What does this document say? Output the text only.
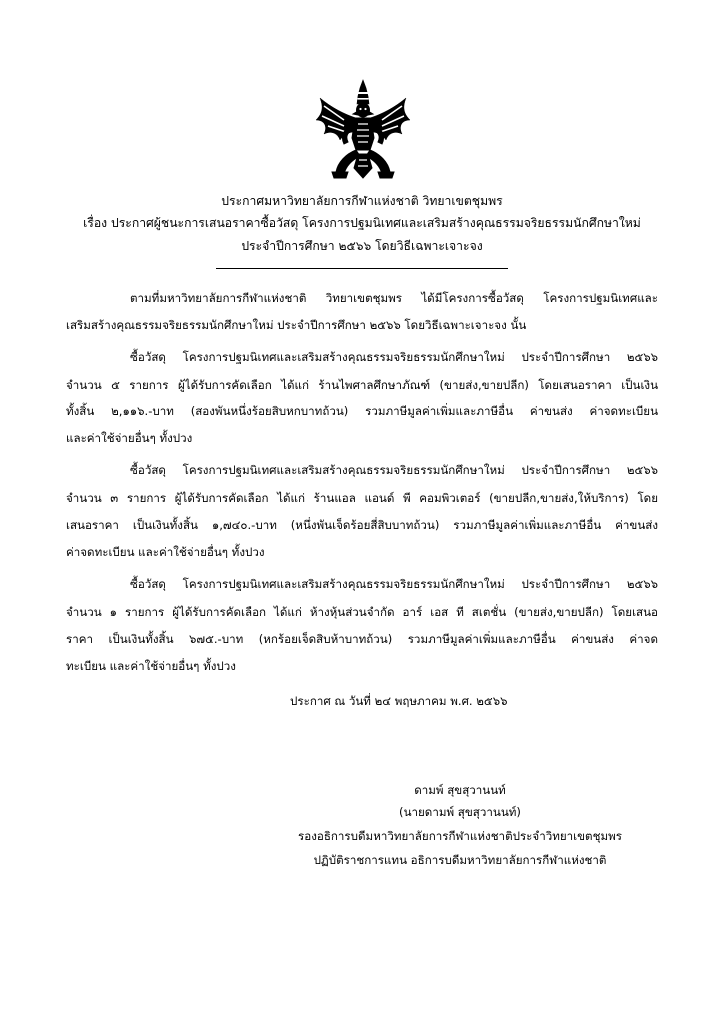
ประกาศมหาวิทยาลัยการกีฬาแห่งชาติ วิทยาเขตชุมพร
เรื่อง ประกาศผู้ชนะการเสนอราคาซื้อวัสดุ โครงการปฐมนิเทศและเสริมสร้างคุณธรรมจริยธรรมนักศึกษาใหม่
ประจำปีการศึกษา ๒๕๖๖ โดยวิธีเฉพาะเจาะจง
ตามที่มหาวิทยาลัยการกีฬาแห่งชาติ วิทยาเขตชุมพร ได้มีโครงการซื้อวัสดุ โครงการปฐมนิเทศและ
เสริมสร้างคุณธรรมจริยธรรมนักศึกษาใหม่ ประจำปีการศึกษา ๒๕๖๖ โดยวิธีเฉพาะเจาะจง นั้น
ซื้อวัสดุ โครงการปฐมนิเทศและเสริมสร้างคุณธรรมจริยธรรมนักศึกษาใหม่ ประจำปีการศึกษา ๒๕๖๖
จำนวน ๕ รายการ ผู้ได้รับการคัดเลือก ได้แก่ ร้านไพศาลศึกษาภัณฑ์ (ขายส่ง,ขายปลีก) โดยเสนอราคา เป็นเงิน
ทั้งสิ้น ๒,๑๑๖.-บาท (สองพันหนึ่งร้อยสิบหกบาทถ้วน) รวมภาษีมูลค่าเพิ่มและภาษีอื่น ค่าขนส่ง ค่าจดทะเบียน
และค่าใช้จ่ายอื่นๆ ทั้งปวง
ซื้อวัสดุ โครงการปฐมนิเทศและเสริมสร้างคุณธรรมจริยธรรมนักศึกษาใหม่ ประจำปีการศึกษา ๒๕๖๖
จำนวน ๓ รายการ ผู้ได้รับการคัดเลือก ได้แก่ ร้านแอล แอนด์ พี คอมพิวเตอร์ (ขายปลีก,ขายส่ง,ให้บริการ) โดย
เสนอราคา เป็นเงินทั้งสิ้น ๑,๗๔๐.-บาท (หนึ่งพันเจ็ดร้อยสี่สิบบาทถ้วน) รวมภาษีมูลค่าเพิ่มและภาษีอื่น ค่าขนส่ง
ค่าจดทะเบียน และค่าใช้จ่ายอื่นๆ ทั้งปวง
ซื้อวัสดุ โครงการปฐมนิเทศและเสริมสร้างคุณธรรมจริยธรรมนักศึกษาใหม่ ประจำปีการศึกษา ๒๕๖๖
จำนวน ๑ รายการ ผู้ได้รับการคัดเลือก ได้แก่ ห้างหุ้นส่วนจำกัด อาร์ เอส ที สเตชั่น (ขายส่ง,ขายปลีก) โดยเสนอ
ราคา เป็นเงินทั้งสิ้น ๖๗๕.-บาท (หกร้อยเจ็ดสิบห้าบาทถ้วน) รวมภาษีมูลค่าเพิ่มและภาษีอื่น ค่าขนส่ง ค่าจด
ทะเบียน และค่าใช้จ่ายอื่นๆ ทั้งปวง
ประกาศ ณ วันที่ ๒๔ พฤษภาคม พ.ศ. ๒๕๖๖
ดามพ์ สุขสุวานนท์
(นายดามพ์ สุขสุวานนท์)
รองอธิการบดีมหาวิทยาลัยการกีฬาแห่งชาติประจำวิทยาเขตชุมพร
ปฏิบัติราชการแทน อธิการบดีมหาวิทยาลัยการกีฬาแห่งชาติ
